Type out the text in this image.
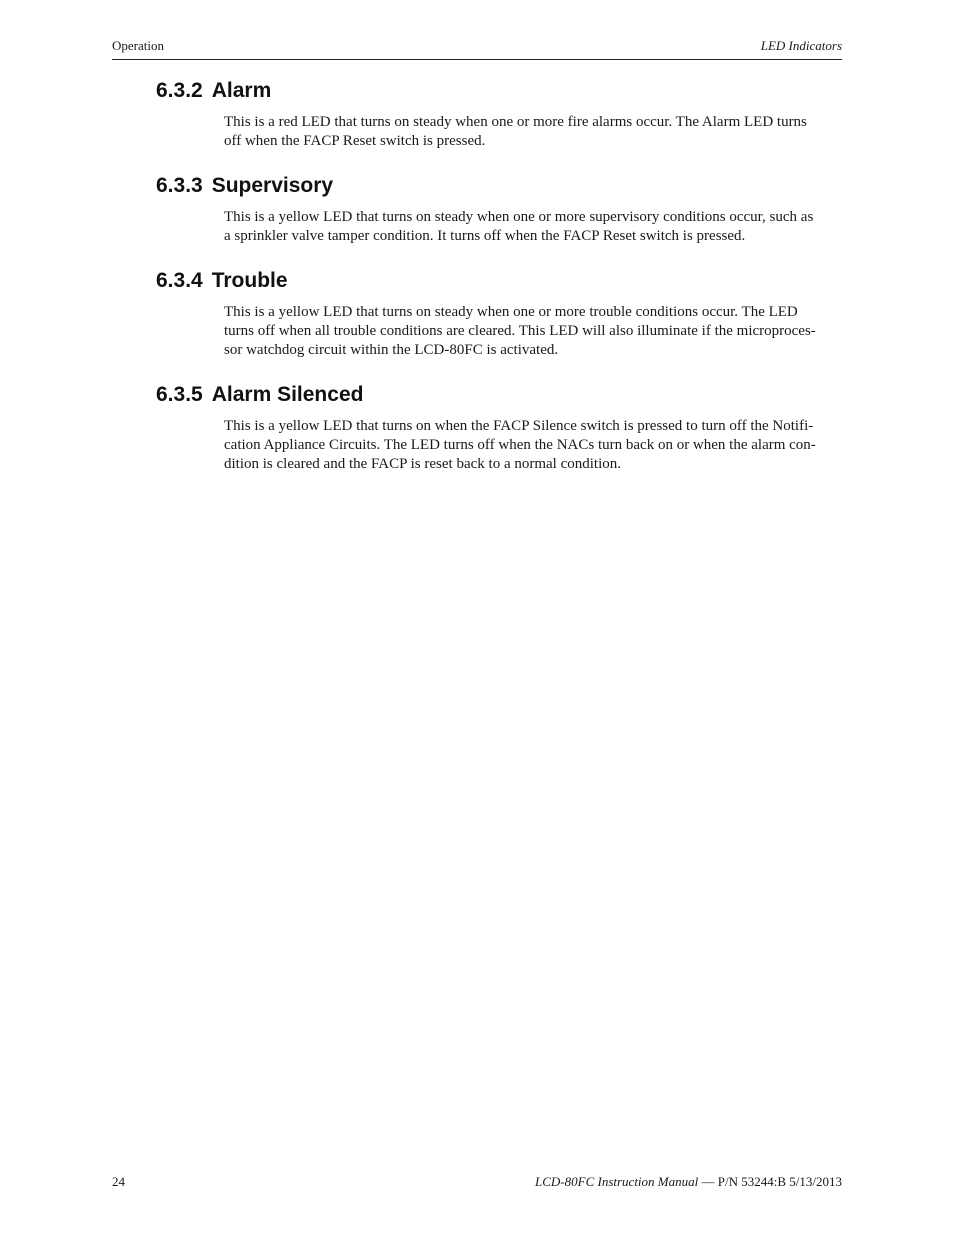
Operation	LED Indicators
6.3.2 Alarm

This is a red LED that turns on steady when one or more fire alarms occur. The Alarm LED turns
off when the FACP Reset switch is pressed.

6.3.3 Supervisory

This is a yellow LED that turns on steady when one or more supervisory conditions occur, such as
a sprinkler valve tamper condition. It turns off when the FACP Reset switch is pressed.

6.3.4 Trouble

This is a yellow LED that turns on steady when one or more trouble conditions occur. The LED
turns off when all trouble conditions are cleared. This LED will also illuminate if the microproces-
sor watchdog circuit within the LCD-80FC is activated.

6.3.5 Alarm Silenced

This is a yellow LED that turns on when the FACP Silence switch is pressed to turn off the Notifi-
cation Appliance Circuits. The LED turns off when the NACs turn back on or when the alarm con-
dition is cleared and the FACP is reset back to a normal condition.

24	LCD-80FC Instruction Manual — P/N 53244:B 5/13/2013
